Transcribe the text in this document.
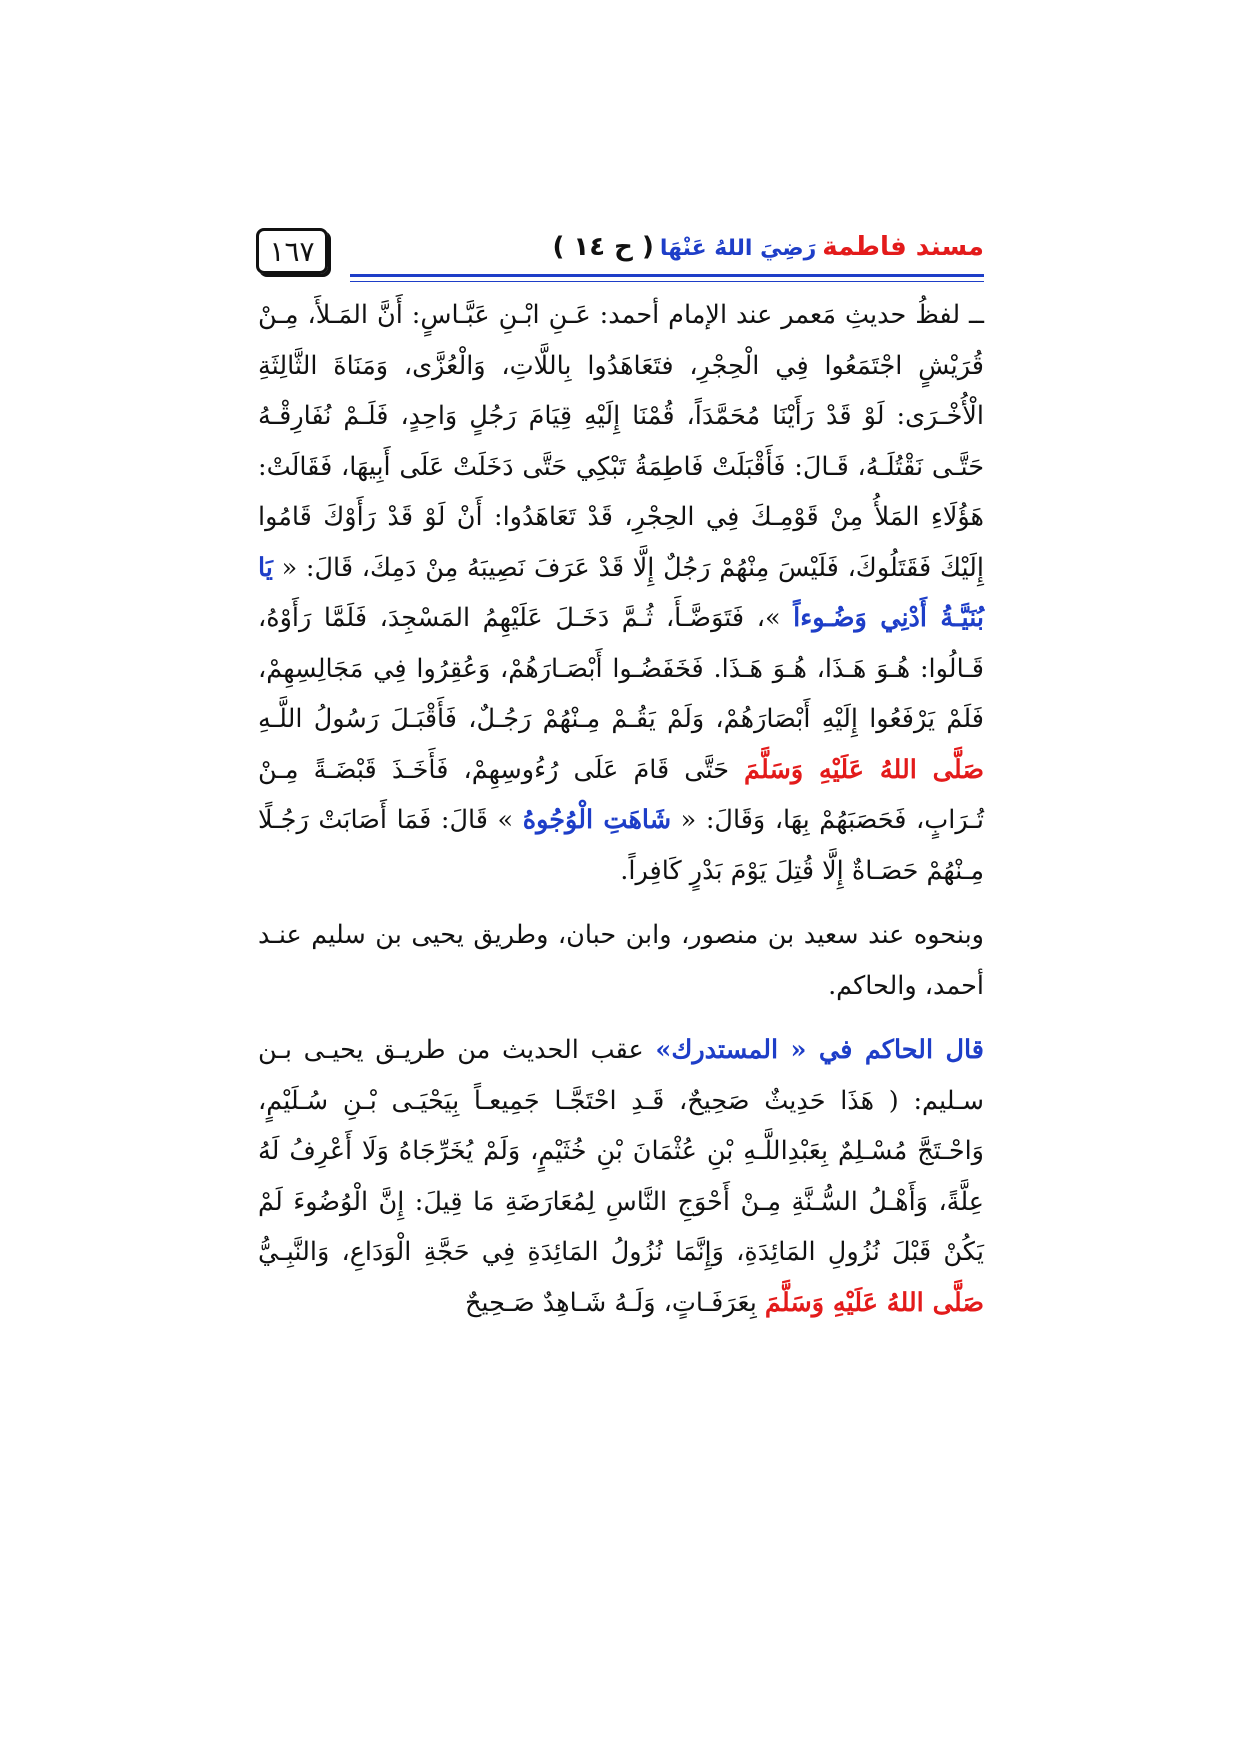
١٦٧	مسند فاطمةرَضِيَ اللهُ عَنْهَا( ح ١٤ )

ــ لفظُ حديثِ مَعمر عند الإمام أحمد: عَـنِ ابْـنِ عَبَّـاسٍ: أَنَّ المَـلأَ، مِـنْ قُرَيْشٍ اجْتَمَعُوا فِي الْحِجْرِ، فتَعَاهَدُوا بِاللَّاتِ، وَالْعُزَّى، وَمَنَاةَ الثَّالِثَةِ الْأُخْـرَى: لَوْ قَدْ رَأَيْنَا مُحَمَّدَاً، قُمْنَا إِلَيْهِ قِيَامَ رَجُلٍ وَاحِدٍ، فَلَـمْ نُفَارِقْـهُ حَتَّـى نَقْتُلَـهُ، قَـالَ: فَأَقْبَلَتْ فَاطِمَةُ تَبْكِي حَتَّى دَخَلَتْ عَلَى أَبِيهَا، فَقَالَتْ: هَؤُلَاءِ المَلأُ مِنْ قَوْمِـكَ فِي الحِجْرِ، قَدْ تَعَاهَدُوا: أَنْ لَوْ قَدْ رَأَوْكَ قَامُوا إِلَيْكَ فَقَتَلُوكَ، فَلَيْسَ مِنْهُمْ رَجُلٌ إِلَّا قَدْ عَرَفَ نَصِيبَهُ مِنْ دَمِكَ، قَالَ: « يَا بُنَيَّـةُ أَدْنِي وَضُـوءاً »، فَتَوَضَّـأَ، ثُـمَّ دَخَـلَ عَلَيْهِمُ المَسْجِدَ، فَلَمَّا رَأَوْهُ، قَـالُوا: هُـوَ هَـذَا، هُـوَ هَـذَا. فَخَفَضُـوا أَبْصَـارَهُمْ، وَعُقِرُوا فِي مَجَالِسِهِمْ، فَلَمْ يَرْفَعُوا إِلَيْهِ أَبْصَارَهُمْ، وَلَمْ يَقُـمْ مِـنْهُمْ رَجُـلٌ، فَأَقْبَـلَ رَسُولُ اللَّـهِ صَلَّى اللهُ عَلَيْهِ وَسَلَّمَ حَتَّى قَامَ عَلَى رُءُوسِهِمْ، فَأَخَـذَ قَبْضَـةً مِـنْ تُـرَابٍ، فَحَصَبَهُمْ بِهَا، وَقَالَ: « شَاهَتِ الْوُجُوهُ » قَالَ: فَمَا أَصَابَتْ رَجُـلًا مِـنْهُمْ حَصَـاةٌ إِلَّا قُتِلَ يَوْمَ بَدْرٍ كَافِراً.

وبنحوه عند سعيد بن منصور، وابن حبان، وطريق يحيى بن سليم عنـد أحمد، والحاكم.

قال الحاكم في « المستدرك» عقب الحديث من طريـق يحيـى بـن سـليم: ( هَذَا حَدِيثٌ صَحِيحٌ، قَـدِ احْتَجَّـا جَمِيعـاً بِيَحْيَـى بْـنِ سُـلَيْمٍ، وَاحْـتَجَّ مُسْـلِمٌ بِعَبْدِاللَّـهِ بْنِ عُثْمَانَ بْنِ خُثَيْمٍ، وَلَمْ يُخَرِّجَاهُ وَلَا أَعْرِفُ لَهُ عِلَّةً، وَأَهْـلُ السُّـنَّةِ مِـنْ أَحْوَجِ النَّاسِ لِمُعَارَضَةِ مَا قِيلَ: إِنَّ الْوُضُوءَ لَمْ يَكُنْ قَبْلَ نُزُولِ المَائِدَةِ، وَإِنَّمَا نُزُولُ المَائِدَةِ فِي حَجَّةِ الْوَدَاعِ، وَالنَّبِـيُّ صَلَّى اللهُ عَلَيْهِ وَسَلَّمَ بِعَرَفَـاتٍ، وَلَـهُ شَـاهِدٌ صَـحِيحٌ
